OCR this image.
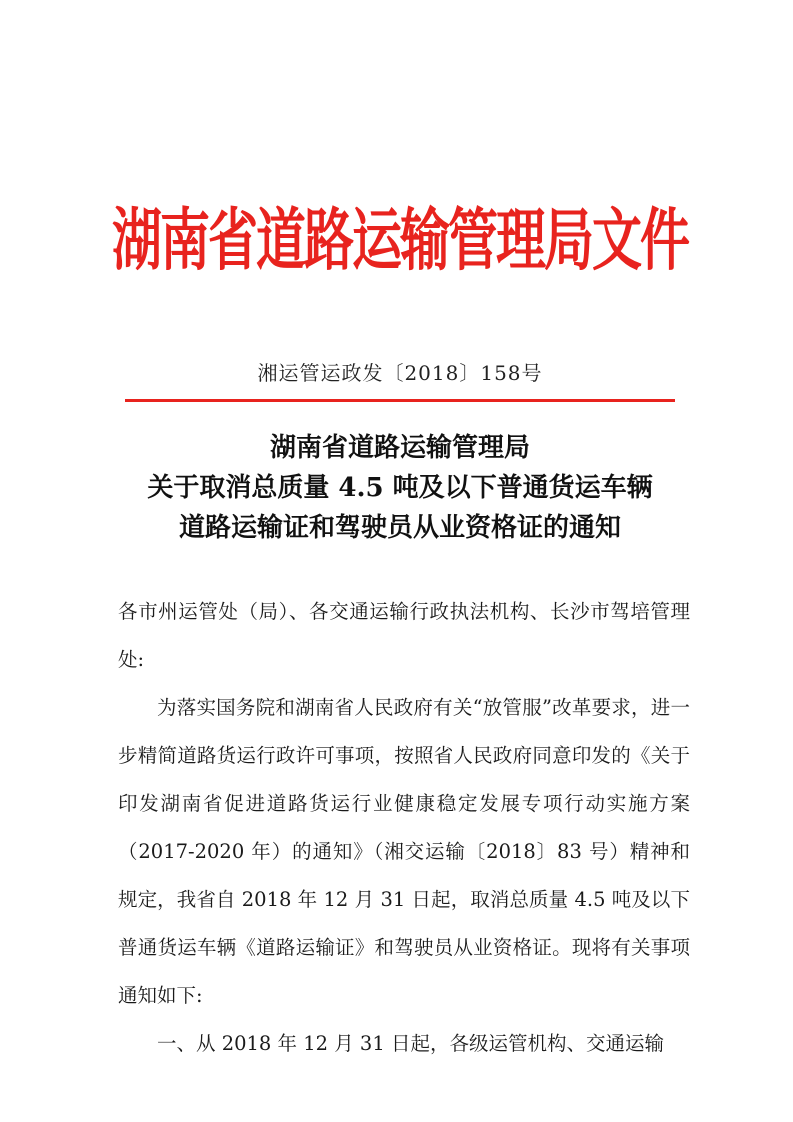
湖南省道路运输管理局文件
湘运管运政发〔2018〕158号
湖南省道路运输管理局
关于取消总质量 4.5 吨及以下普通货运车辆
道路运输证和驾驶员从业资格证的通知

各市州运管处（局）、各交通运输行政执法机构、长沙市驾培管理处:

为落实国务院和湖南省人民政府有关“放管服”改革要求，进一步精简道路货运行政许可事项，按照省人民政府同意印发的《关于印发湖南省促进道路货运行业健康稳定发展专项行动实施方案（2017-2020 年）的通知》（湘交运输〔2018〕83 号）精神和规定，我省自 2018 年 12 月 31 日起，取消总质量 4.5 吨及以下普通货运车辆《道路运输证》和驾驶员从业资格证。现将有关事项通知如下:

一、从 2018 年 12 月 31 日起，各级运管机构、交通运输
